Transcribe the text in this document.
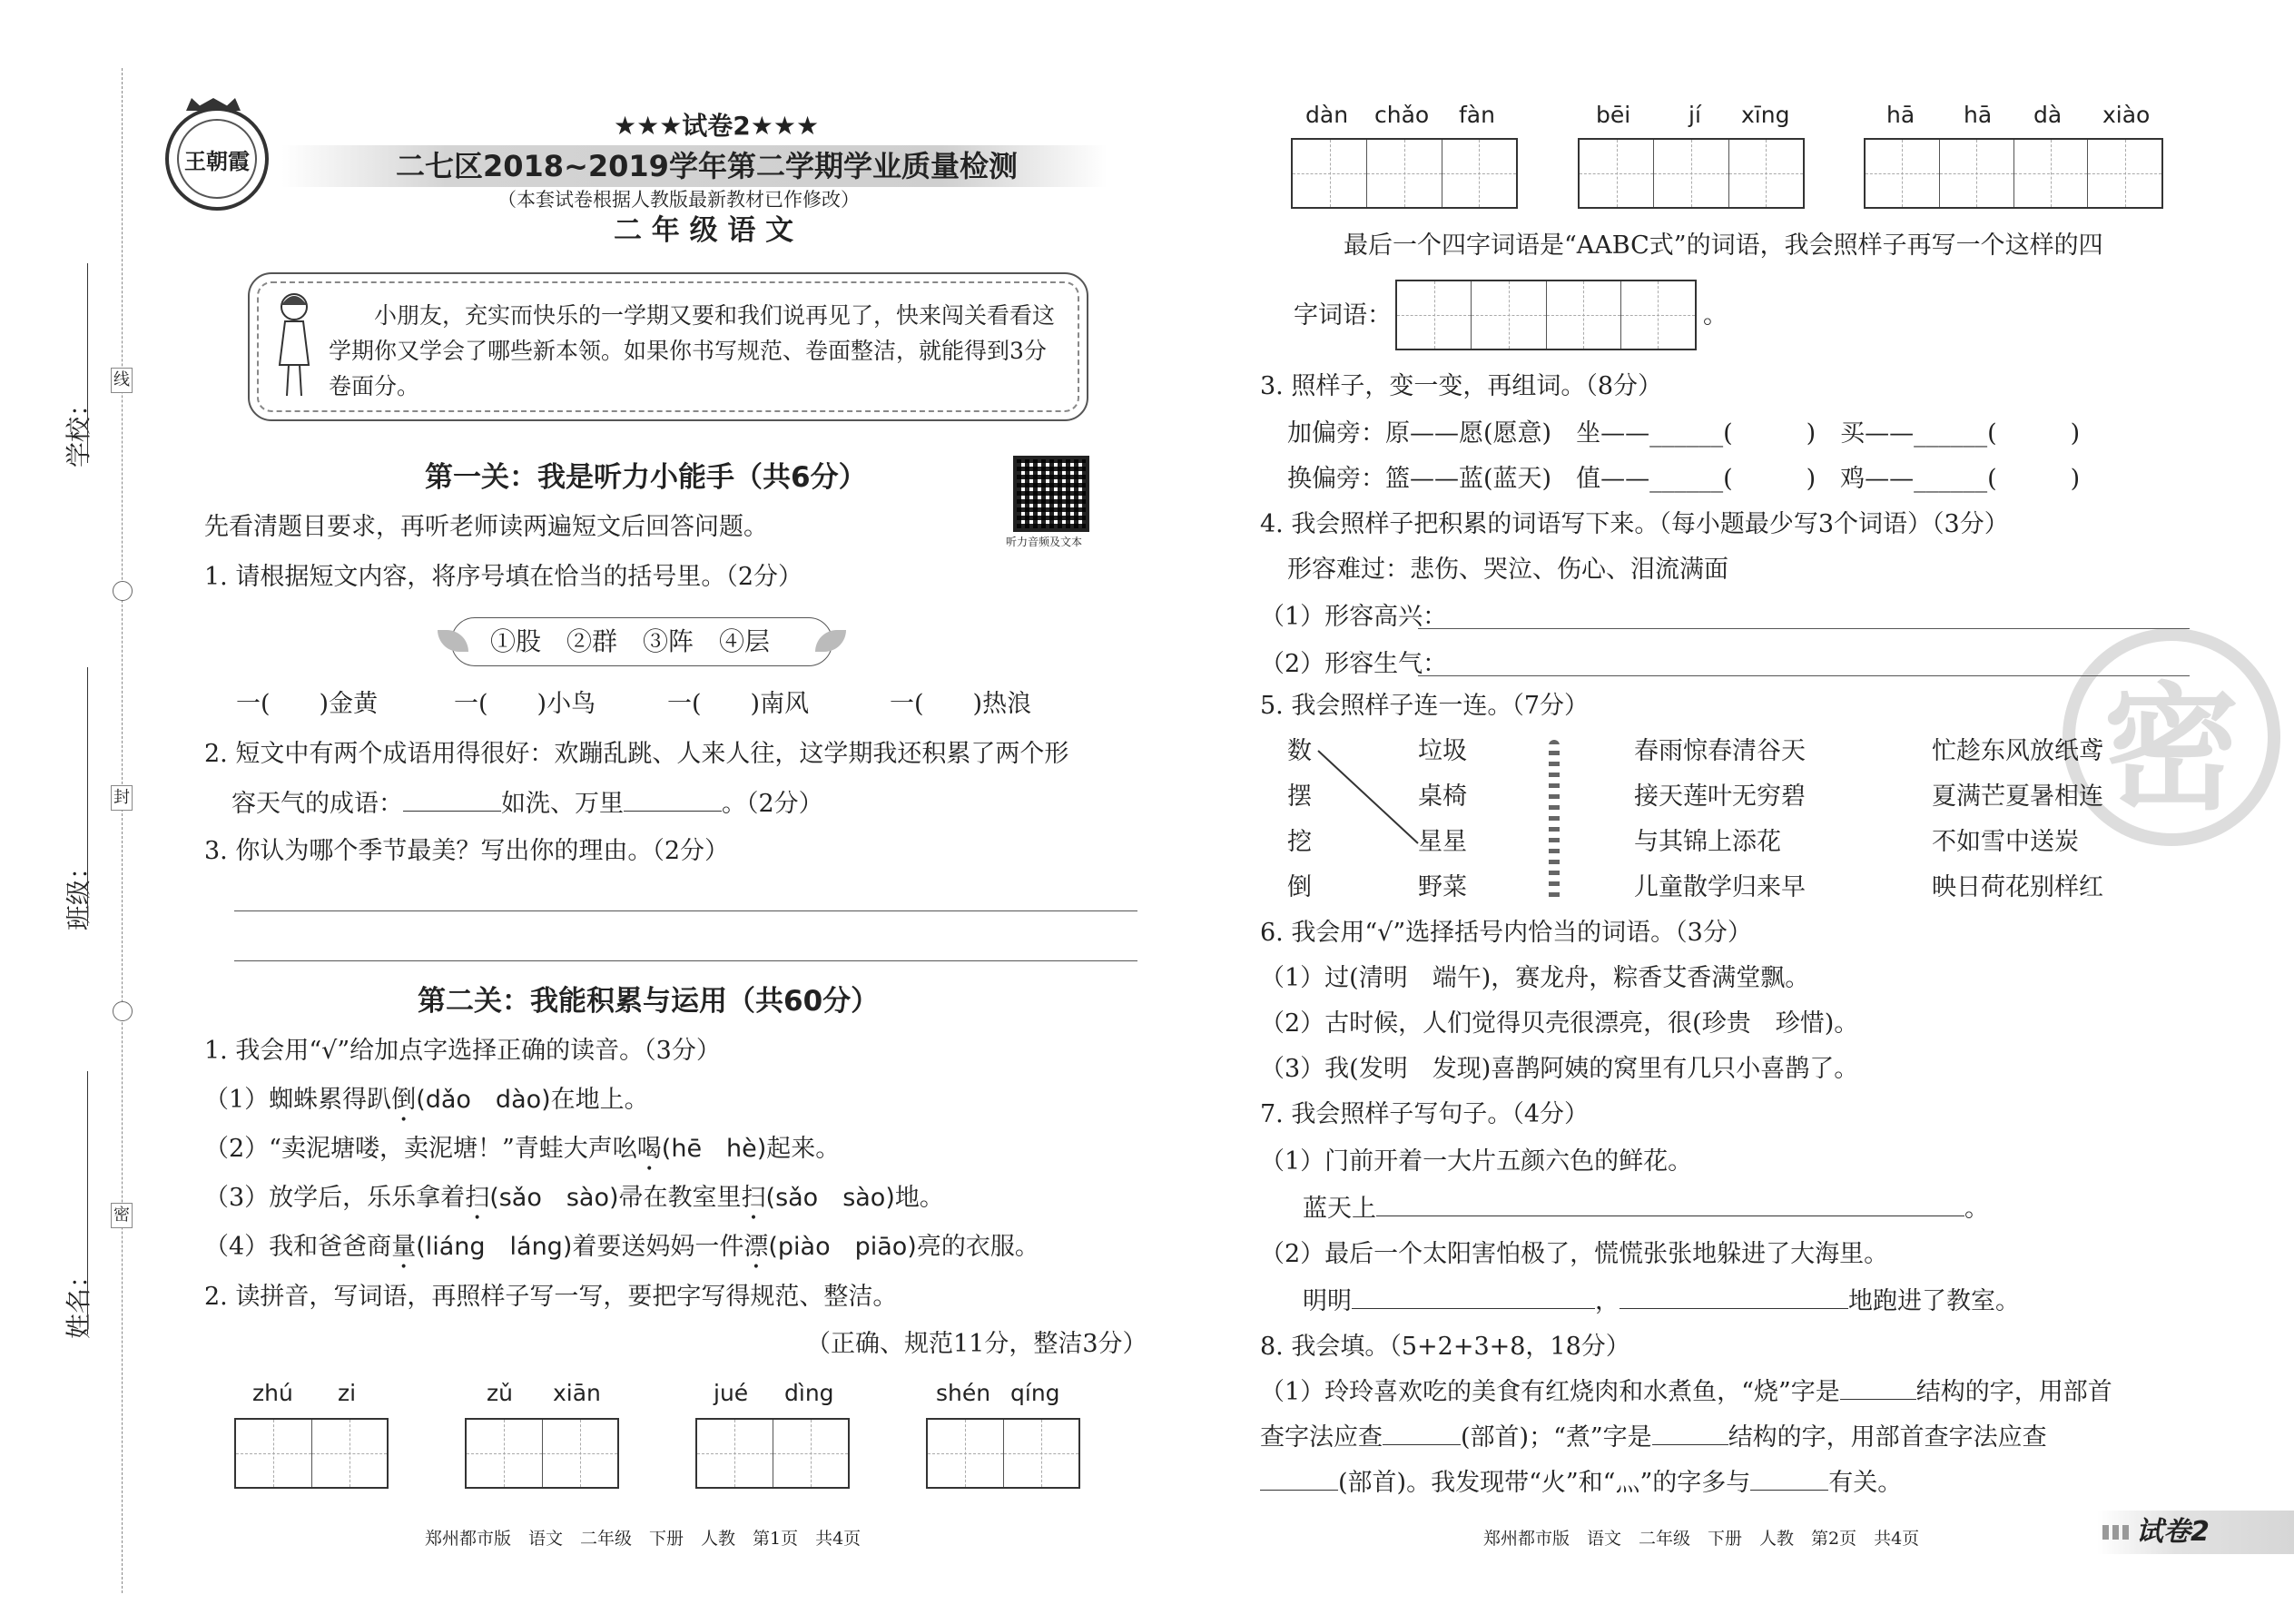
线
封
密
学校：
班级：
姓名：
王朝霞
★★★试卷2★★★
二七区2018~2019学年第二学期学业质量检测
（本套试卷根据人教版最新教材已作修改）
二 年 级 语 文
小朋友，充实而快乐的一学期又要和我们说再见了，快来闯关看看这
学期你又学会了哪些新本领。如果你书写规范、卷面整洁，就能得到3分
卷面分。
听力音频及文本
第一关：我是听力小能手（共6分）
先看清题目要求，再听老师读两遍短文后回答问题。
1. 请根据短文内容，将序号填在恰当的括号里。（2分）
①股　②群　③阵　④层
一(　　)金黄	一(　　)小鸟	一(　　)南风	一(　　)热浪
2. 短文中有两个成语用得很好：欢蹦乱跳、人来人往，这学期我还积累了两个形
容天气的成语：	如洗、万里	。（2分）
3. 你认为哪个季节最美？写出你的理由。（2分）
第二关：我能积累与运用（共60分）
1. 我会用“√”给加点字选择正确的读音。（3分）
（1）蜘蛛累得趴倒(dǎo　dào)在地上。
（2）“卖泥塘喽，卖泥塘！”青蛙大声吆喝(hē　hè)起来。
（3）放学后，乐乐拿着扫(sǎo　sào)帚在教室里扫(sǎo　sào)地。
（4）我和爸爸商量(liáng　láng)着要送妈妈一件漂(piào　piāo)亮的衣服。
2. 读拼音，写词语，再照样子写一写，要把字写得规范、整洁。
（正确、规范11分，整洁3分）
zhú zi	zǔ xiān	jué dìng	shén qíng
郑州都市版　语文　二年级　下册　人教　第1页　共4页
密
dàn chǎo fàn	bēi	jí xīng	hā hā dà xiào
最后一个四字词语是“AABC式”的词语，我会照样子再写一个这样的四
字词语：	。
3. 照样子，变一变，再组词。（8分）
加偏旁：原——愿(愿意)　坐——______(　　　)　买——______(　　　)
换偏旁：篮——蓝(蓝天)　值——______(　　　)　鸡——______(　　　)
4. 我会照样子把积累的词语写下来。（每小题最少写3个词语）（3分）
形容难过：悲伤、哭泣、伤心、泪流满面
（1）形容高兴：
（2）形容生气：
5. 我会照样子连一连。（7分）
数
摆
挖
倒
垃圾
桌椅
星星
野菜
春雨惊春清谷天
接天莲叶无穷碧
与其锦上添花
儿童散学归来早
忙趁东风放纸鸢
夏满芒夏暑相连
不如雪中送炭
映日荷花别样红
6. 我会用“√”选择括号内恰当的词语。（3分）
（1）过(清明　端午)，赛龙舟，粽香艾香满堂飘。
（2）古时候，人们觉得贝壳很漂亮，很(珍贵　珍惜)。
（3）我(发明　发现)喜鹊阿姨的窝里有几只小喜鹊了。
7. 我会照样子写句子。（4分）
（1）门前开着一大片五颜六色的鲜花。
蓝天上	。
（2）最后一个太阳害怕极了，慌慌张张地躲进了大海里。
明明	，	地跑进了教室。
8. 我会填。（5+2+3+8，18分）
（1）玲玲喜欢吃的美食有红烧肉和水煮鱼，“烧”字是	结构的字，用部首
查字法应查	(部首)；“煮”字是	结构的字，用部首查字法应查
(部首)。我发现带“火”和“灬”的字多与	有关。
郑州都市版　语文　二年级　下册　人教　第2页　共4页	试卷2
